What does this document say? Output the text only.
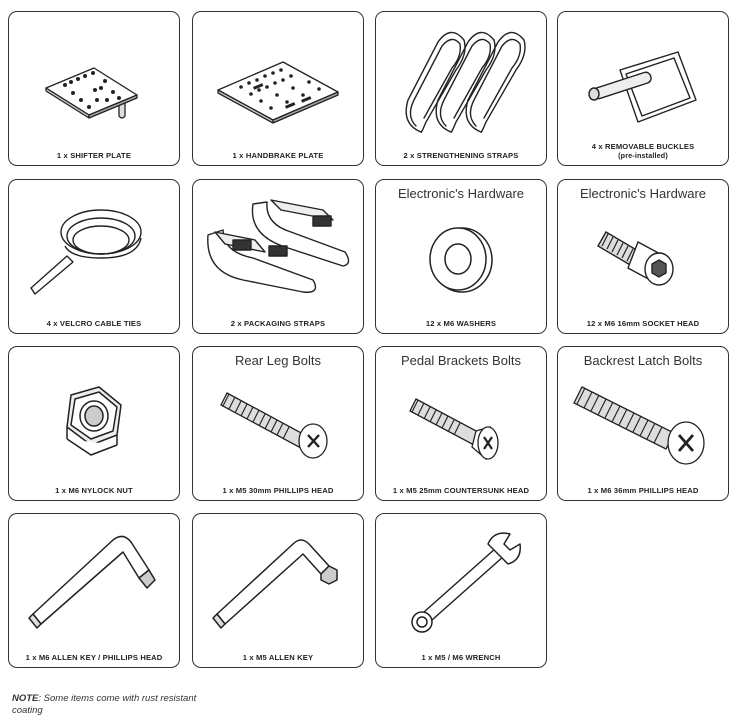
1 x SHIFTER PLATE	1 x HANDBRAKE PLATE	2 x STRENGTHENING STRAPS
4 x REMOVABLE BUCKLES
(pre-installed)
4 x VELCRO CABLE TIES	2 x PACKAGING STRAPS
Electronic's Hardware
12 x M6 WASHERS
Electronic's Hardware
12 x M6 16mm SOCKET HEAD
1 x M6 NYLOCK NUT
Rear Leg Bolts
1 x M5 30mm PHILLIPS HEAD
Pedal Brackets Bolts
1 x M5 25mm COUNTERSUNK HEAD
Backrest Latch Bolts
1 x M6 36mm PHILLIPS HEAD
1 x M6 ALLEN KEY / PHILLIPS HEAD	1 x M5 ALLEN KEY	1 x M5 / M6 WRENCH
NOTE: Some items come with rust resistant coating
